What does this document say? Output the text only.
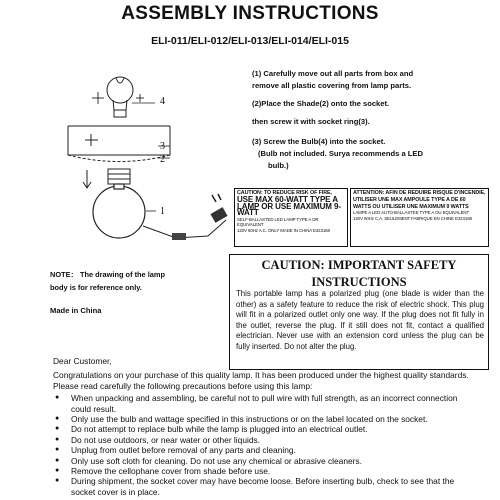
ASSEMBLY INSTRUCTIONS
ELI-011/ELI-012/ELI-013/ELI-014/ELI-015
4
3
2
1

(1) Carefully move out all parts from box and

remove all plastic covering from lamp parts.

(2)Place the Shade(2) onto the socket.

then screw it with socket ring(3).

(3) Screw the Bulb(4) into the socket.

(Bulb not included. Surya recommends a LED

bulb.)

CAUTION: TO REDUCE RISK OF FIRE,
USE MAX 60-WATT TYPE A
LAMP OR USE MAXIMUM 9-WATT
SELF-BALLASTED LED LAMP TYPE A OR EQUIVALENT
120V 60Hz A.C. ONLY MADE IN CHINA E323168
ATTENTION: AFIN DE REDUIRE RISQUE D'INCENDIE,
UTILISER UNE MAX AMPOULE TYPE A DE 60
WATTS OU UTILISER UNE MAXIMUM 9 WATTS
LAMPE A LED AUTO-BALLASTEE TYPE A OU EQUIVALENT
120V 60Hz C.A. SEULEMENT FABRIQUE EN CHINE E323168
NOTE： The drawing of the lamp
body is for reference only.
Made in China
CAUTION: IMPORTANT SAFETY
INSTRUCTIONS
This portable lamp has a polarized plug (one blade is wider than the other) as a safety feature to reduce the risk of electric shock. This plug will fit in a polarized outlet only one way. If the plug does not fit fully in the outlet, reverse the plug. If it still does not fit, contact a qualified electrician. Never use with an extension cord unless the plug can be fully inserted. Do not alter the plug.

Dear Customer,

Congratulations on your purchase of this quality lamp. It has been produced under the highest quality standards. Please read carefully the following precautions before using this lamp:

● When unpacking and assembling, be careful not to pull wire with full strength, as an incorrect connection could result.
● Only use the bulb and wattage specified in this instructions or on the label located on the socket.
● Do not attempt to replace bulb while the lamp is plugged into an electrical outlet.
● Do not use outdoors, or near water or other liquids.
● Unplug from outlet before removal of any parts and cleaning.
● Only use soft cloth for cleaning. Do not use any chemical or abrasive cleaners.
● Remove the cellophane cover from shade before use.
● During shipment, the socket cover may have become loose. Before inserting bulb, check to see that the socket cover is in place.
